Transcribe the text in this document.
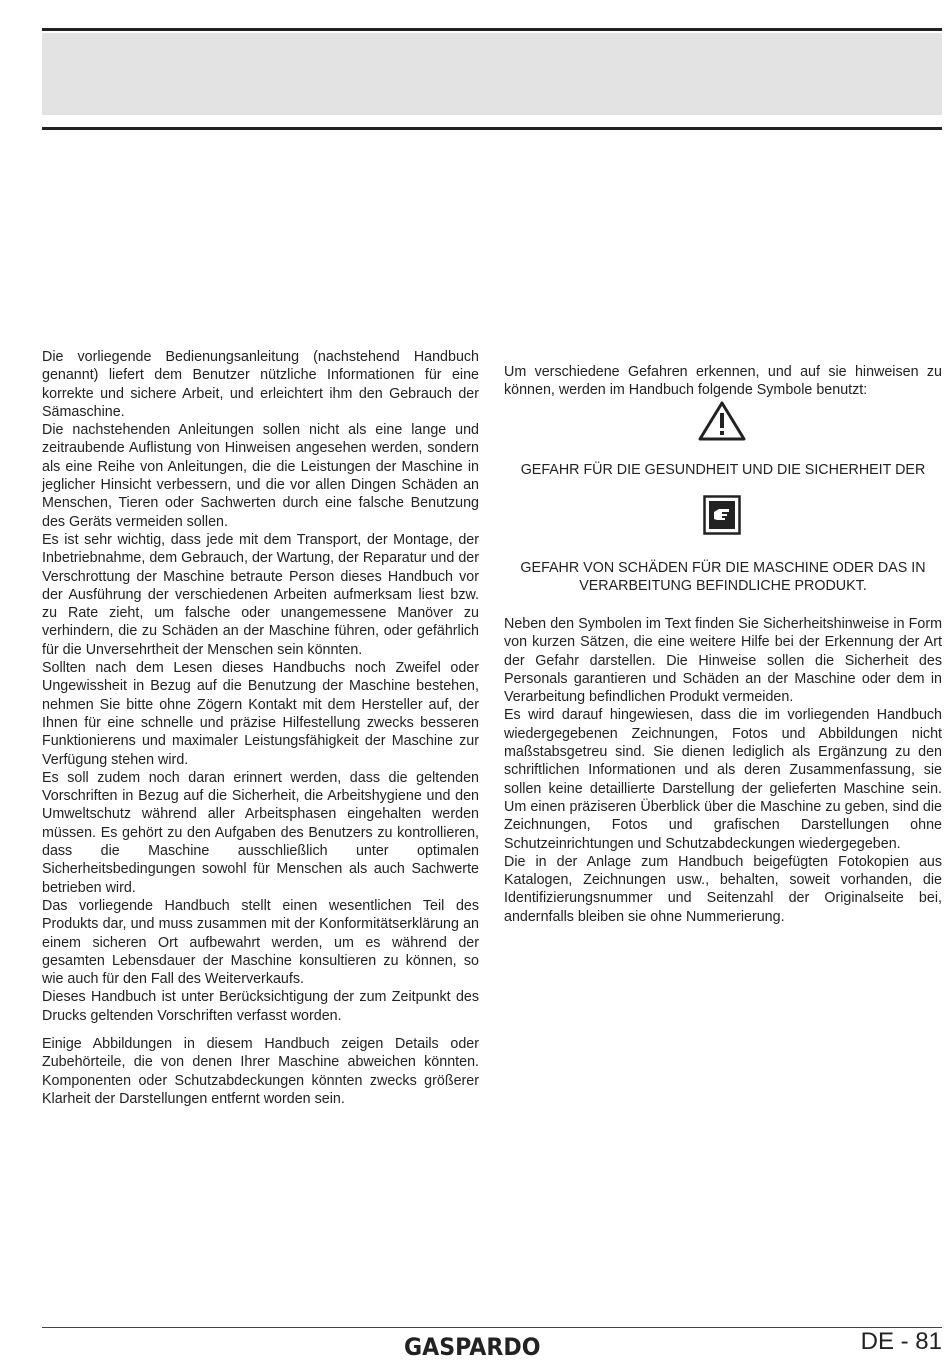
Die vorliegende Bedienungsanleitung (nachstehend Handbuch genannt) liefert dem Benutzer nützliche Informationen für eine korrekte und sichere Arbeit, und erleichtert ihm den Gebrauch der Sämaschine.

Die nachstehenden Anleitungen sollen nicht als eine lange und zeitraubende Auflistung von Hinweisen angesehen werden, sondern als eine Reihe von Anleitungen, die die Leistungen der Maschine in jeglicher Hinsicht verbessern, und die vor allen Dingen Schäden an Menschen, Tieren oder Sachwerten durch eine falsche Benutzung des Geräts vermeiden sollen.

Es ist sehr wichtig, dass jede mit dem Transport, der Montage, der Inbetriebnahme, dem Gebrauch, der Wartung, der Reparatur und der Verschrottung der Maschine betraute Person dieses Handbuch vor der Ausführung der verschiedenen Arbeiten aufmerksam liest bzw. zu Rate zieht, um falsche oder unangemessene Manöver zu verhindern, die zu Schäden an der Maschine führen, oder gefährlich für die Unversehrtheit der Menschen sein könnten.

Sollten nach dem Lesen dieses Handbuchs noch Zweifel oder Ungewissheit in Bezug auf die Benutzung der Maschine bestehen, nehmen Sie bitte ohne Zögern Kontakt mit dem Hersteller auf, der Ihnen für eine schnelle und präzise Hilfestellung zwecks besseren Funktionierens und maximaler Leistungsfähigkeit der Maschine zur Verfügung stehen wird.

Es soll zudem noch daran erinnert werden, dass die geltenden Vorschriften in Bezug auf die Sicherheit, die Arbeitshygiene und den Umweltschutz während aller Arbeitsphasen eingehalten werden müssen. Es gehört zu den Aufgaben des Benutzers zu kontrollieren, dass die Maschine ausschließlich unter optimalen Sicherheitsbedingungen sowohl für Menschen als auch Sachwerte betrieben wird.

Das vorliegende Handbuch stellt einen wesentlichen Teil des Produkts dar, und muss zusammen mit der Konformitätserklärung an einem sicheren Ort aufbewahrt werden, um es während der gesamten Lebensdauer der Maschine konsultieren zu können, so wie auch für den Fall des Weiterverkaufs.

Dieses Handbuch ist unter Berücksichtigung der zum Zeitpunkt des Drucks geltenden Vorschriften verfasst worden.

Einige Abbildungen in diesem Handbuch zeigen Details oder Zubehörteile, die von denen Ihrer Maschine abweichen könnten. Komponenten oder Schutzabdeckungen könnten zwecks größerer Klarheit der Darstellungen entfernt worden sein.

Um verschiedene Gefahren erkennen, und auf sie hinweisen zu können, werden im Handbuch folgende Symbole benutzt:

GEFAHR FÜR DIE GESUNDHEIT UND DIE SICHERHEIT DER
GEFAHR VON SCHÄDEN FÜR DIE MASCHINE ODER DAS IN VERARBEITUNG BEFINDLICHE PRODUKT.

Neben den Symbolen im Text finden Sie Sicherheitshinweise in Form von kurzen Sätzen, die eine weitere Hilfe bei der Erkennung der Art der Gefahr darstellen. Die Hinweise sollen die Sicherheit des Personals garantieren und Schäden an der Maschine oder dem in Verarbeitung befindlichen Produkt vermeiden.

Es wird darauf hingewiesen, dass die im vorliegenden Handbuch wiedergegebenen Zeichnungen, Fotos und Abbildungen nicht maßstabsgetreu sind. Sie dienen lediglich als Ergänzung zu den schriftlichen Informationen und als deren Zusammenfassung, sie sollen keine detaillierte Darstellung der gelieferten Maschine sein. Um einen präziseren Überblick über die Maschine zu geben, sind die Zeichnungen, Fotos und grafischen Darstellungen ohne Schutzeinrichtungen und Schutzabdeckungen wiedergegeben.

Die in der Anlage zum Handbuch beigefügten Fotokopien aus Katalogen, Zeichnungen usw., behalten, soweit vorhanden, die Identifizierungsnummer und Seitenzahl der Originalseite bei, andernfalls bleiben sie ohne Nummerierung.

GASPARDO	DE - 81
